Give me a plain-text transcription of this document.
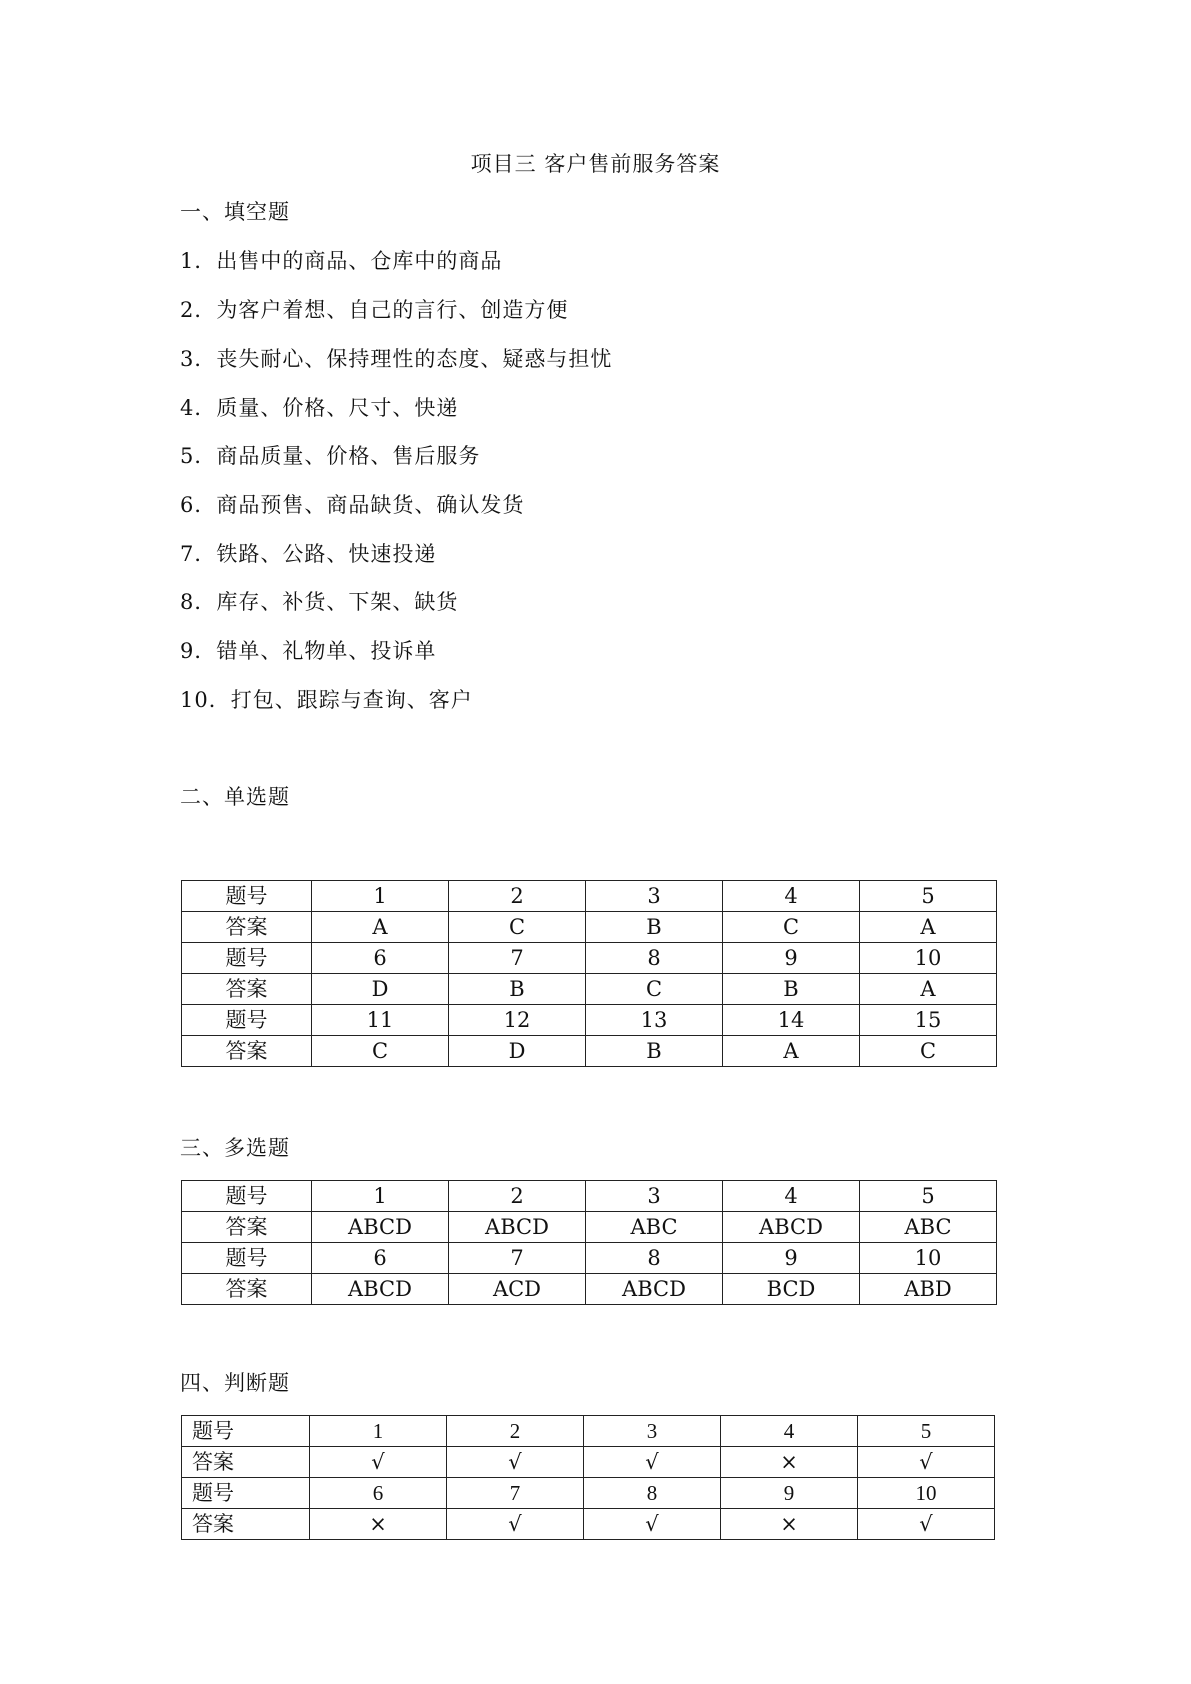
项目三 客户售前服务答案
一、填空题
1．出售中的商品、仓库中的商品
2．为客户着想、自己的言行、创造方便
3．丧失耐心、保持理性的态度、疑惑与担忧
4．质量、价格、尺寸、快递
5．商品质量、价格、售后服务
6．商品预售、商品缺货、确认发货
7．铁路、公路、快速投递
8．库存、补货、下架、缺货
9．错单、礼物单、投诉单
10．打包、跟踪与查询、客户
二、单选题
题号	1	2	3	4	5
答案	A	C	B	C	A
题号	6	7	8	9	10
答案	D	B	C	B	A
题号	11	12	13	14	15
答案	C	D	B	A	C
三、多选题
题号	1	2	3	4	5
答案	ABCD	ABCD	ABC	ABCD	ABC
题号	6	7	8	9	10
答案	ABCD	ACD	ABCD	BCD	ABD
四、判断题
题号	1	2	3	4	5
答案	√	√	√	×	√
题号	6	7	8	9	10
答案	×	√	√	×	√
